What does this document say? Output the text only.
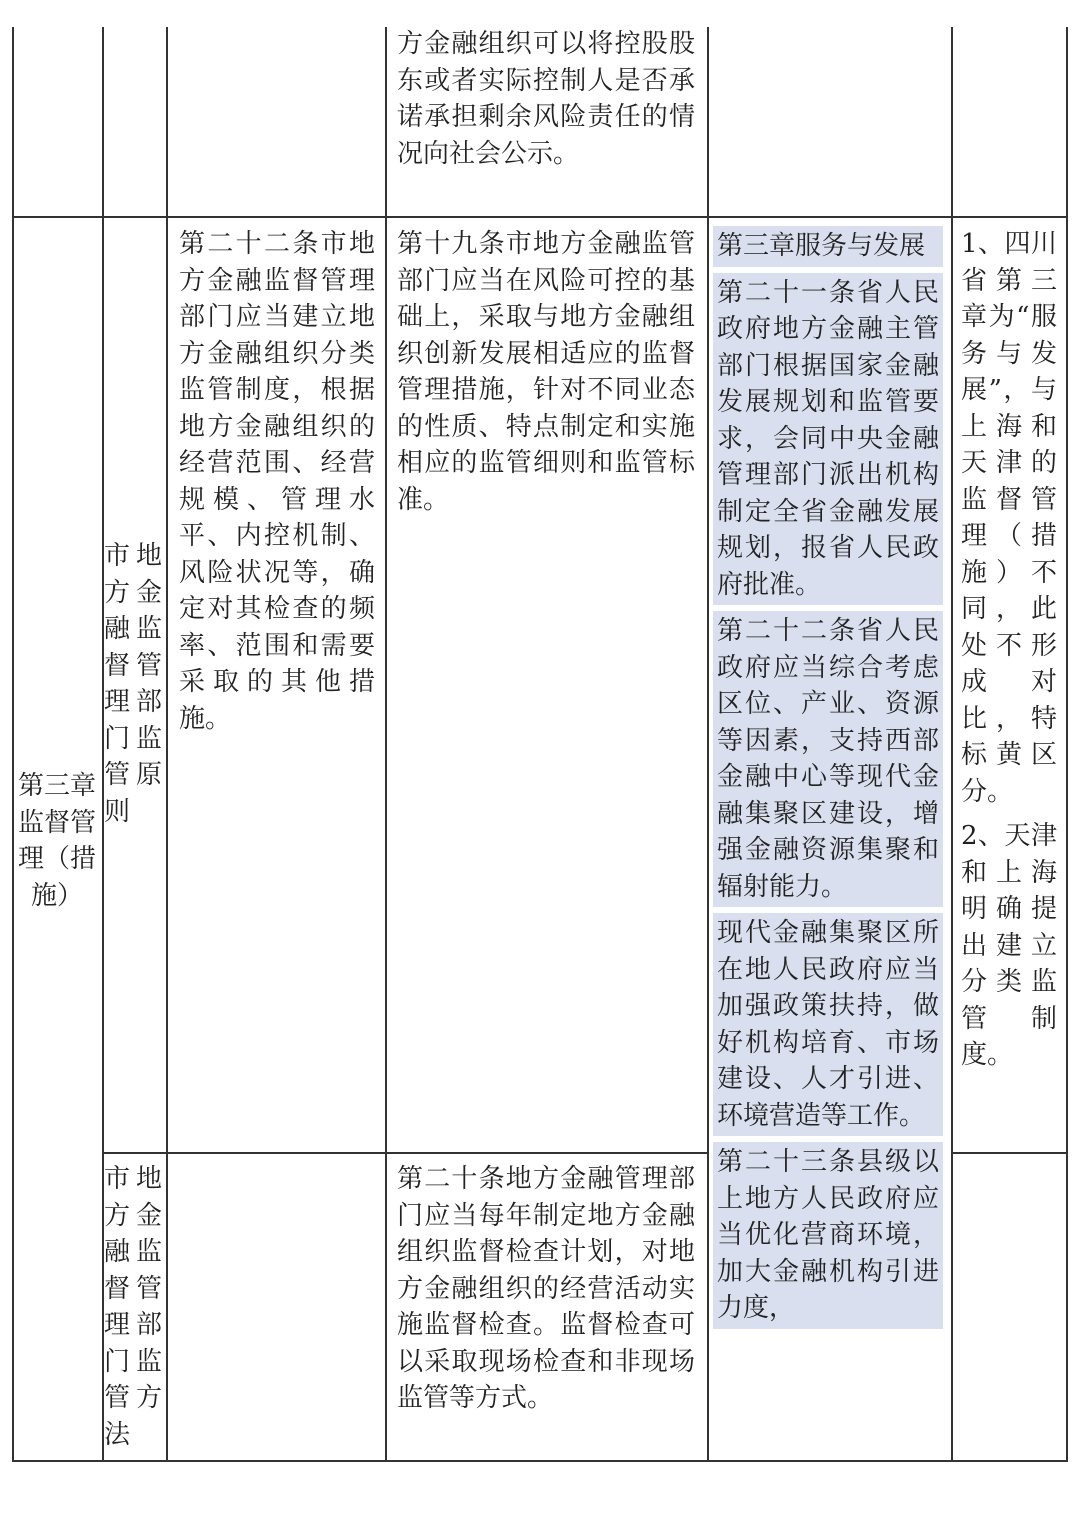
方金融组织可以将控股股东或者实际控制人是否承诺承担剩余风险责任的情况向社会公示。

第三章监督管理（措施）

市地方金融监督管理部门监管原则

市地方金融监督管理部门监管方法

第二十二条市地方金融监督管理部门应当建立地方金融组织分类监管制度，根据地方金融组织的经营范围、经营规模、管理水平、内控机制、风险状况等，确定对其检查的频率、范围和需要采取的其他措施。

第十九条市地方金融监管部门应当在风险可控的基础上，采取与地方金融组织创新发展相适应的监督管理措施，针对不同业态的性质、特点制定和实施相应的监管细则和监管标准。

第二十条地方金融管理部门应当每年制定地方金融组织监督检查计划，对地方金融组织的经营活动实施监督检查。监督检查可以采取现场检查和非现场监管等方式。

第三章服务与发展

第二十一条省人民政府地方金融主管部门根据国家金融发展规划和监管要求，会同中央金融管理部门派出机构制定全省金融发展规划，报省人民政府批准。

第二十二条省人民政府应当综合考虑区位、产业、资源等因素，支持西部金融中心等现代金融集聚区建设，增强金融资源集聚和辐射能力。

现代金融集聚区所在地人民政府应当加强政策扶持，做好机构培育、市场建设、人才引进、环境营造等工作。

第二十三条县级以上地方人民政府应当优化营商环境，加大金融机构引进力度，

1、四川省第三章为“服务与发展”，与上海和天津的监督管理（措施）不同，此处不形成对比，特标黄区分。

2、天津和上海明确提出建立分类监管制度。
